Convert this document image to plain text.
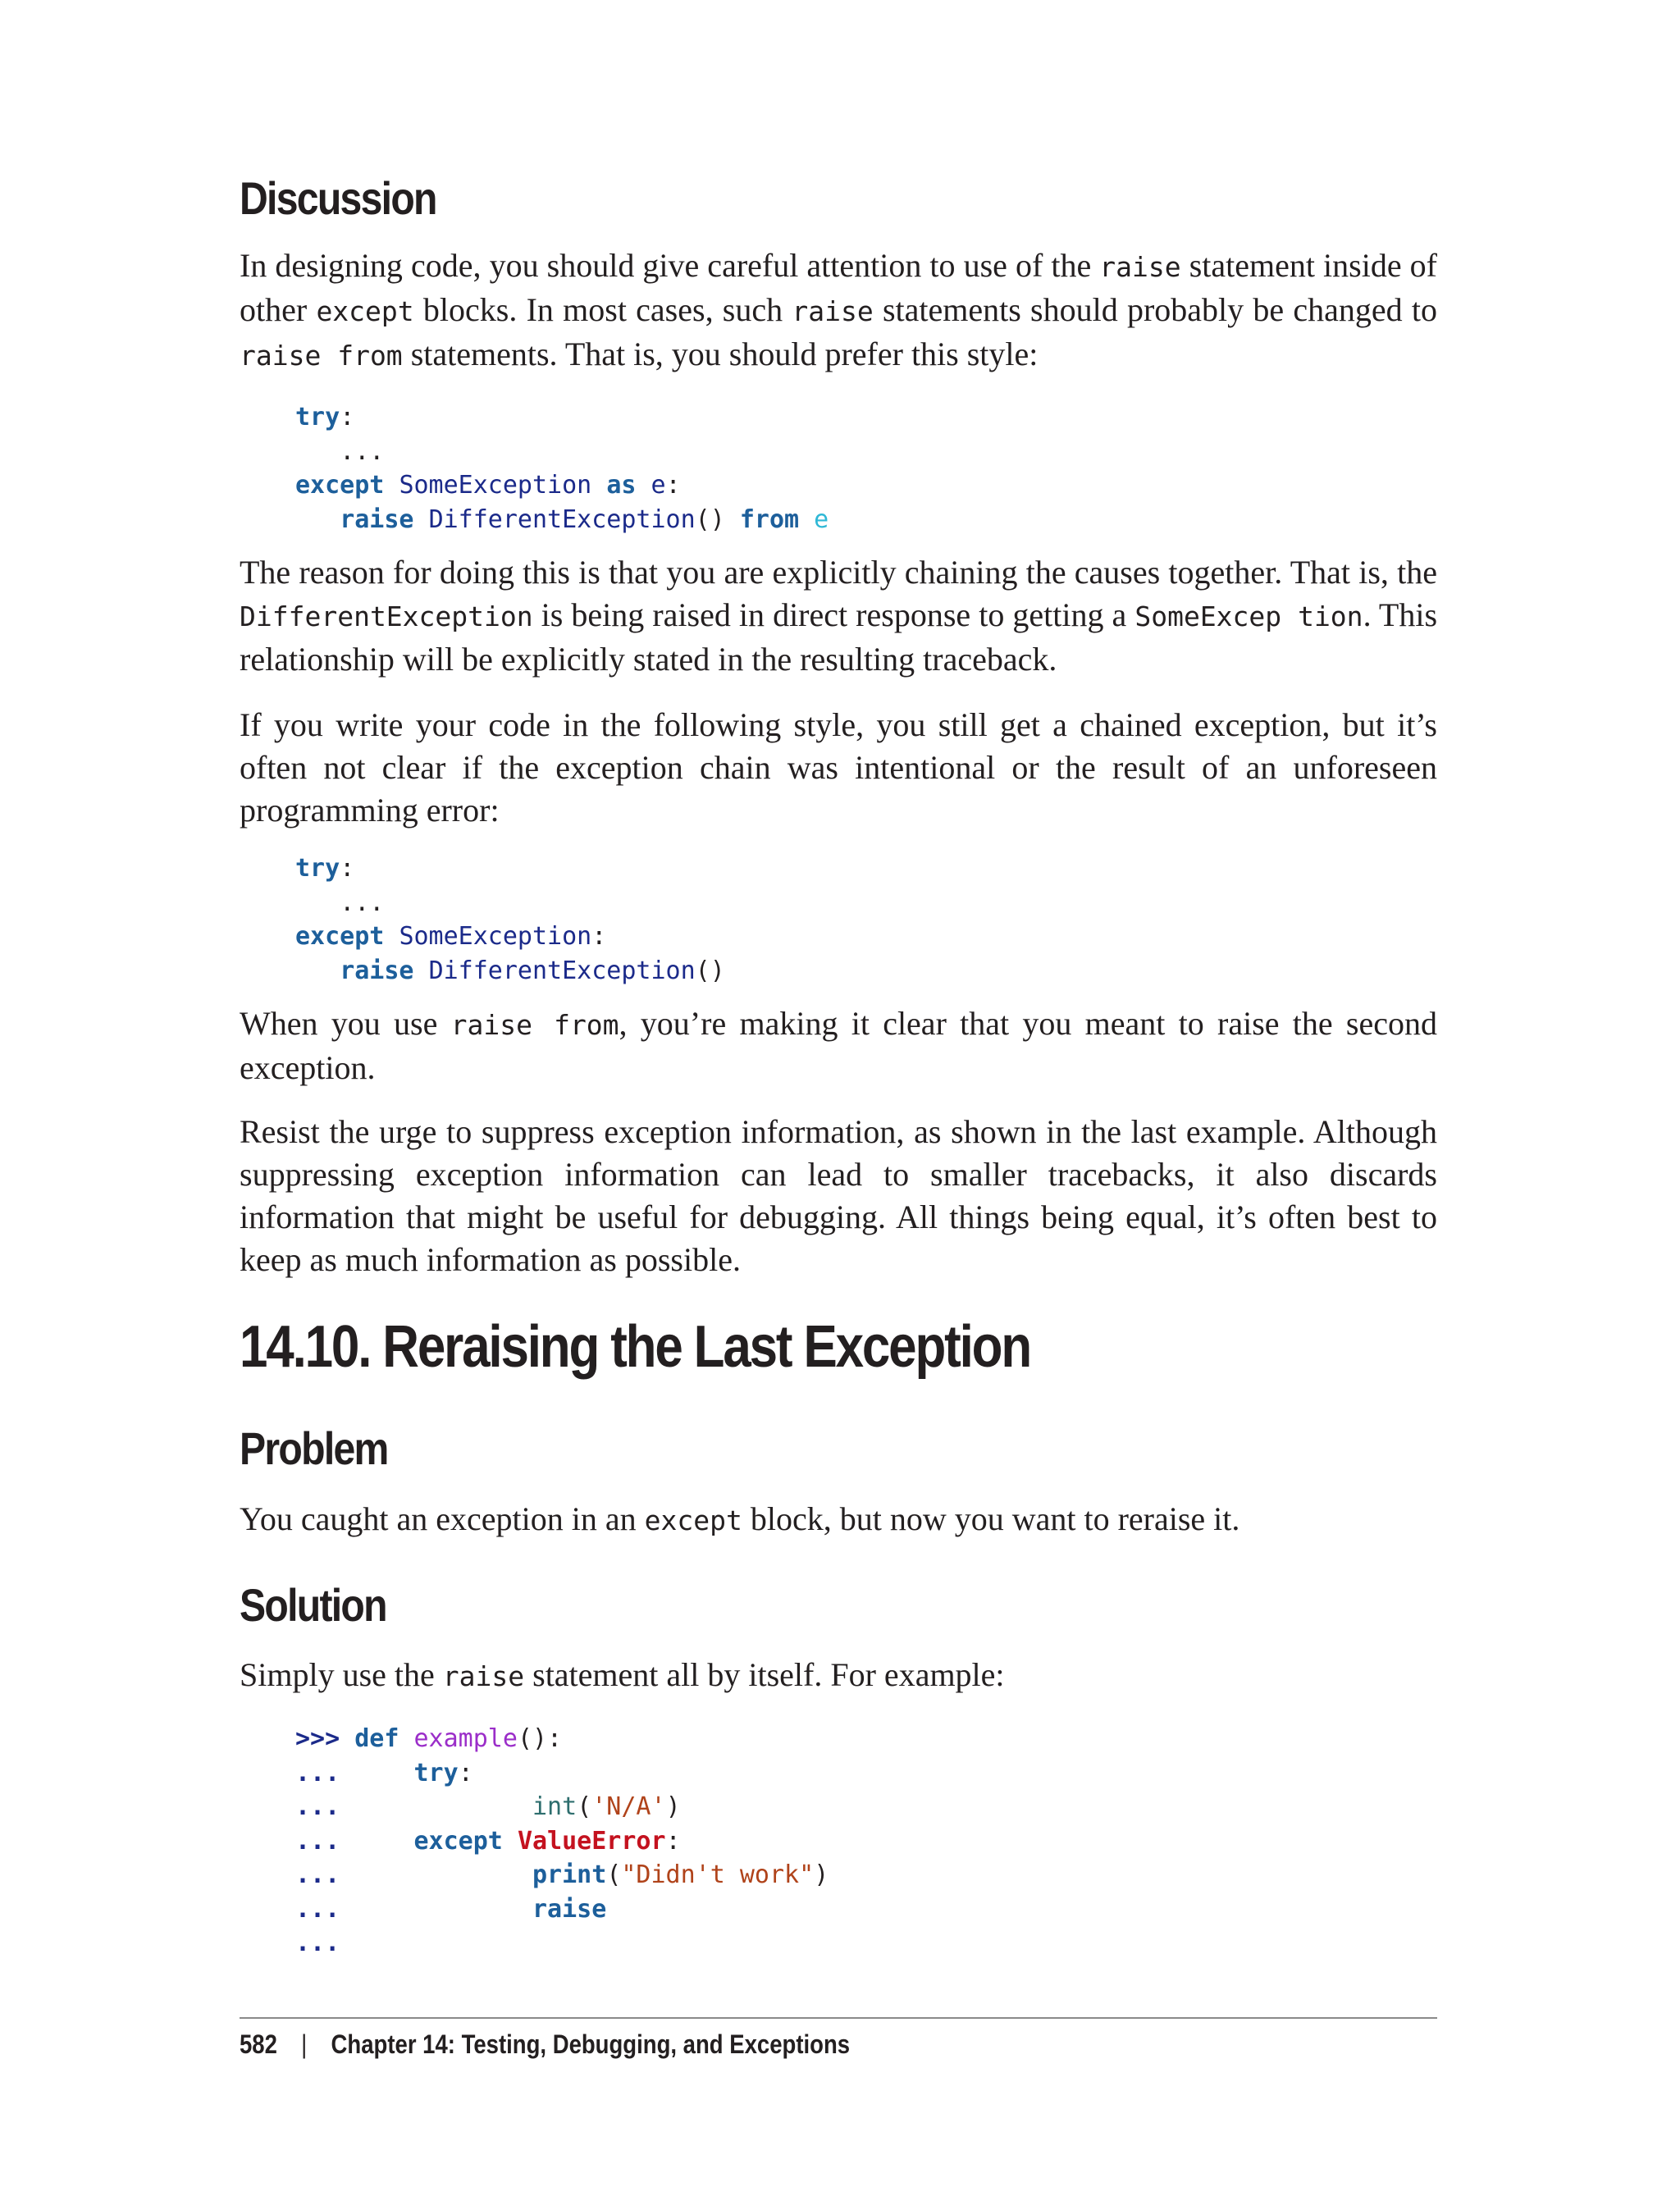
Discussion

In designing code, you should give careful attention to use of the raise statement inside of other except blocks. In most cases, such raise statements should probably be changed to raise from statements. That is, you should prefer this style:

try:
...
except SomeException as e:
raise DifferentException() from e

The reason for doing this is that you are explicitly chaining the causes together. That is, the DifferentException is being raised in direct response to getting a SomeExcep tion. This relationship will be explicitly stated in the resulting traceback.

If you write your code in the following style, you still get a chained exception, but it’s often not clear if the exception chain was intentional or the result of an unforeseen programming error:

try:
...
except SomeException:
raise DifferentException()

When you use raise from, you’re making it clear that you meant to raise the second exception.

Resist the urge to suppress exception information, as shown in the last example. Although suppressing exception information can lead to smaller tracebacks, it also discards information that might be useful for debugging. All things being equal, it’s often best to keep as much information as possible.

14.10. Reraising the Last Exception
Problem

You caught an exception in an except block, but now you want to reraise it.

Solution

Simply use the raise statement all by itself. For example:

>>> def example():
...	try:
...	int('N/A')
...	except ValueError:
...	print("Didn't work")
...	raise
...
582 | Chapter 14: Testing, Debugging, and Exceptions
